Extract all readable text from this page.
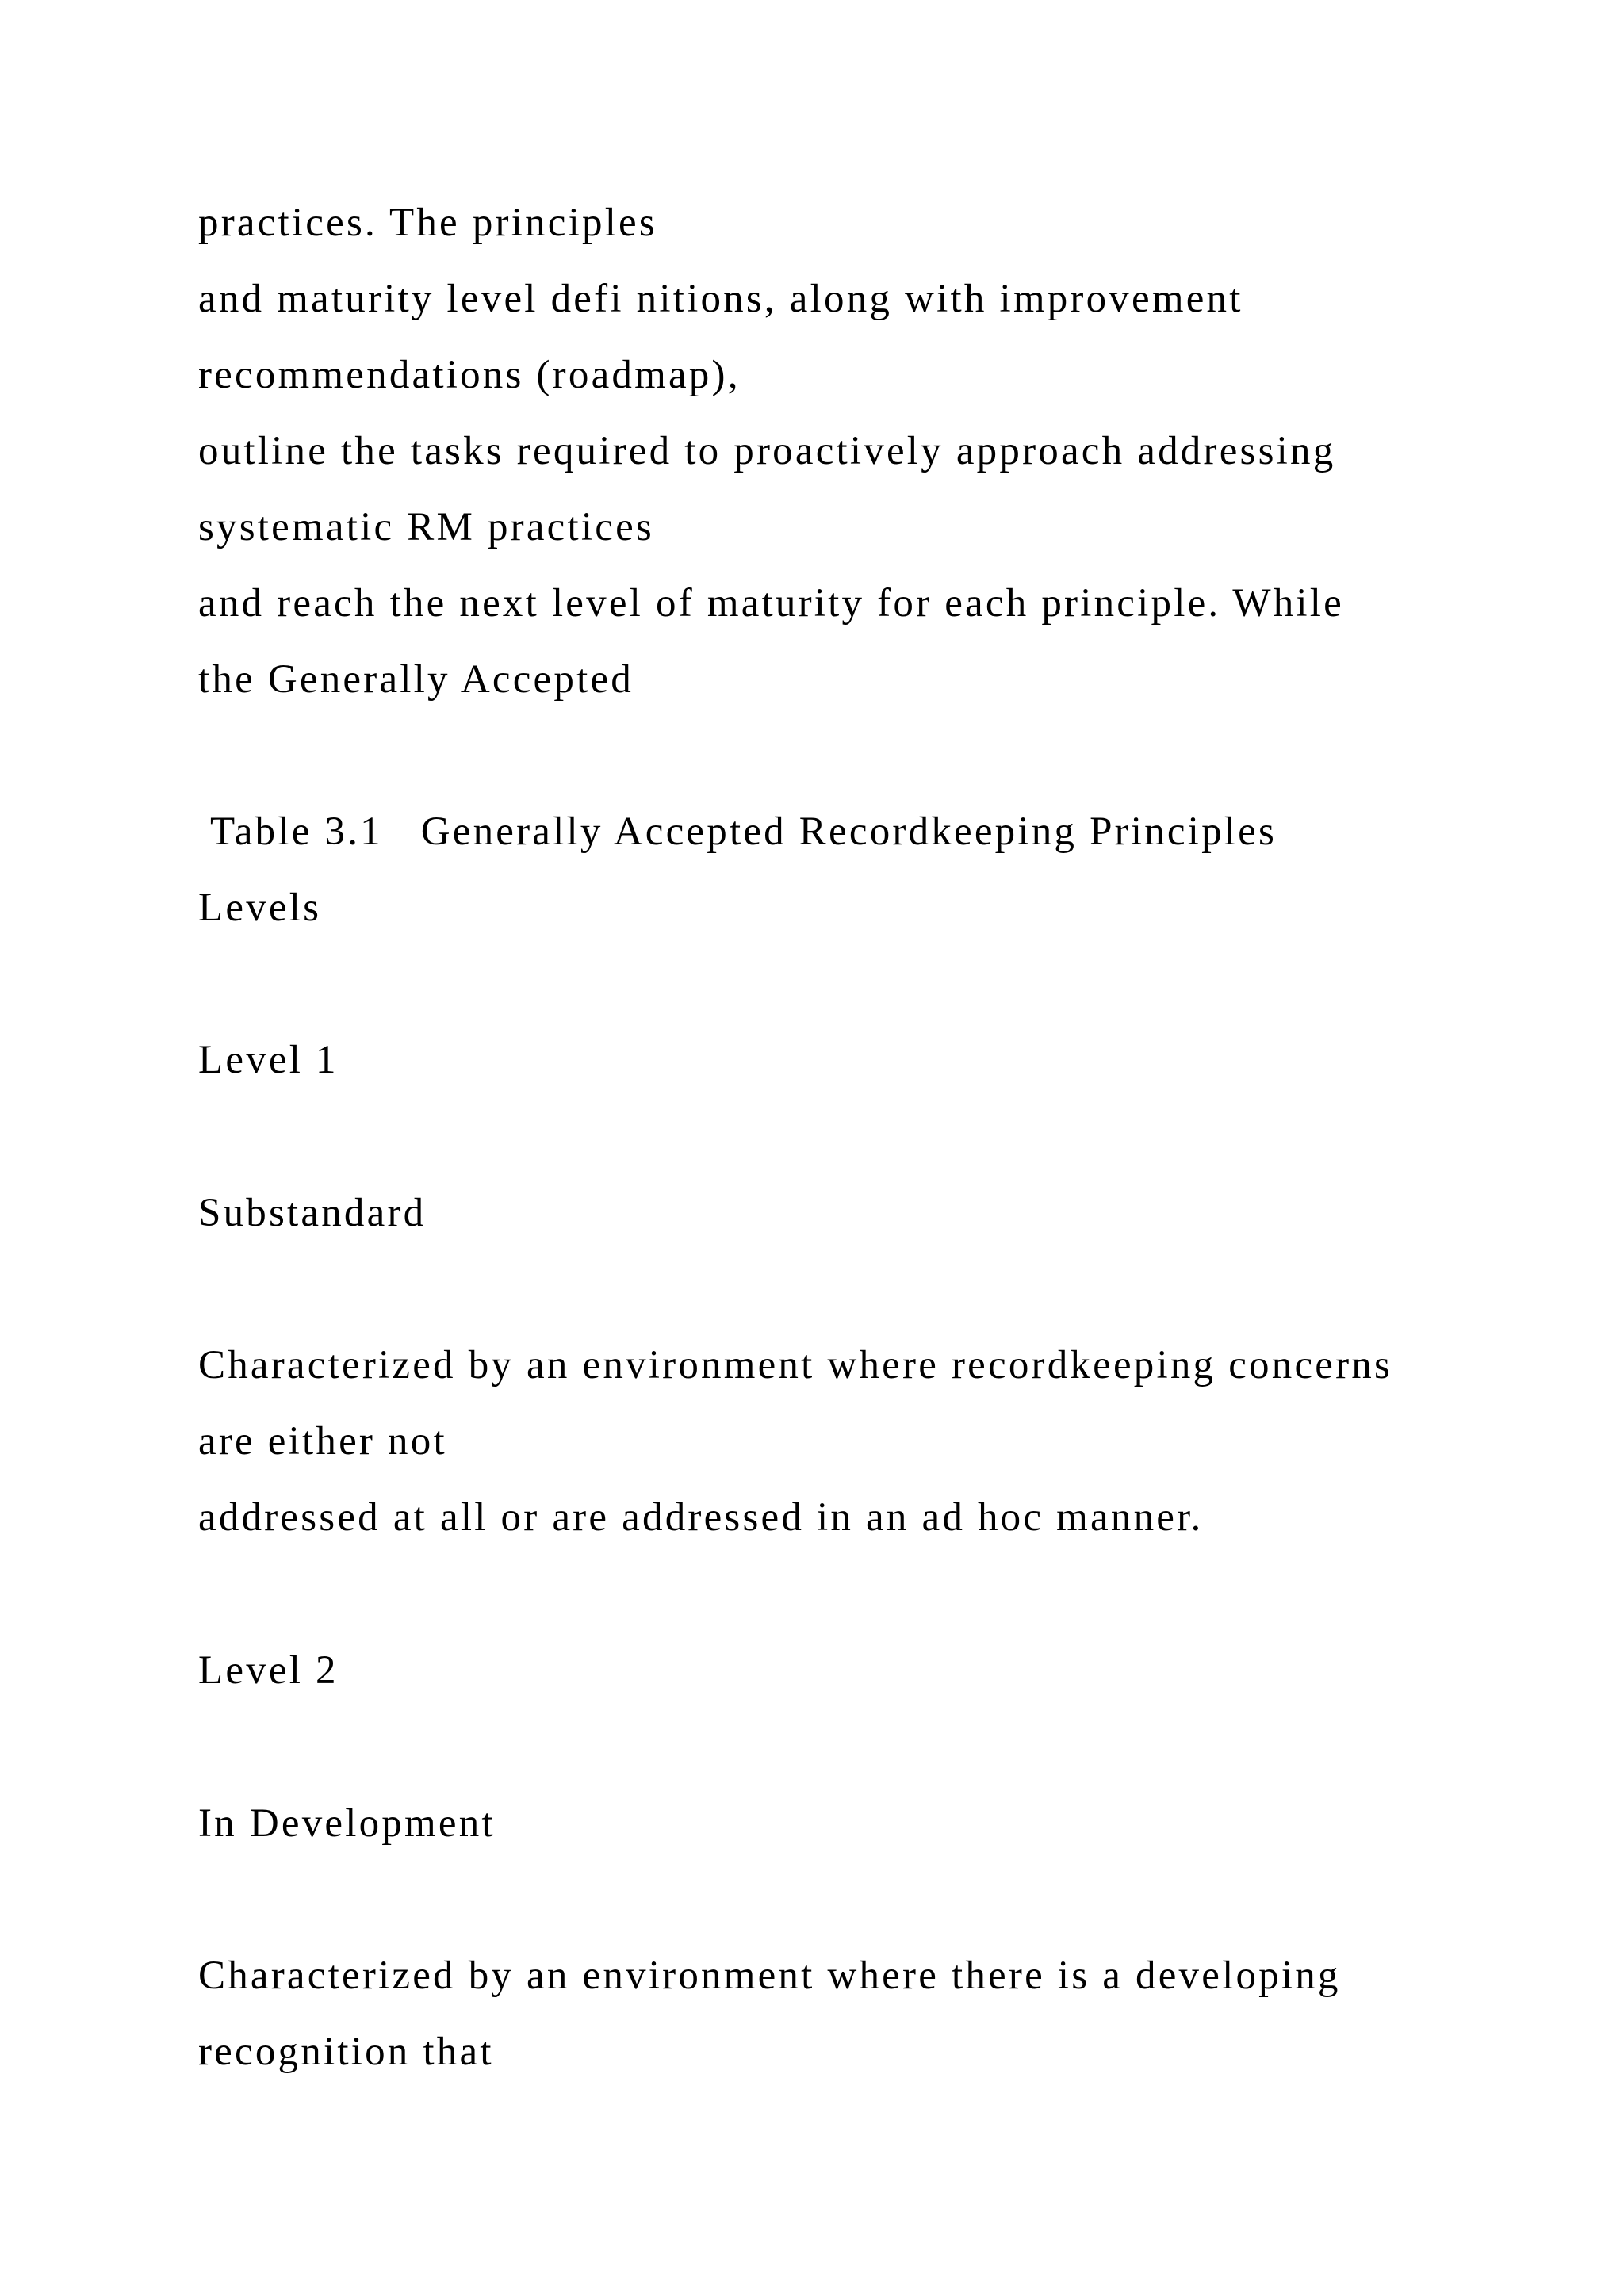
practices. The principles

and maturity level defi nitions, along with improvement

recommendations (roadmap),

outline the tasks required to proactively approach addressing

systematic RM practices

and reach the next level of maturity for each principle. While

the Generally Accepted

Table 3.1   Generally Accepted Recordkeeping Principles

Levels

Level 1

Substandard

Characterized by an environment where recordkeeping concerns

are either not

addressed at all or are addressed in an ad hoc manner.

Level 2

In Development

Characterized by an environment where there is a developing

recognition that
